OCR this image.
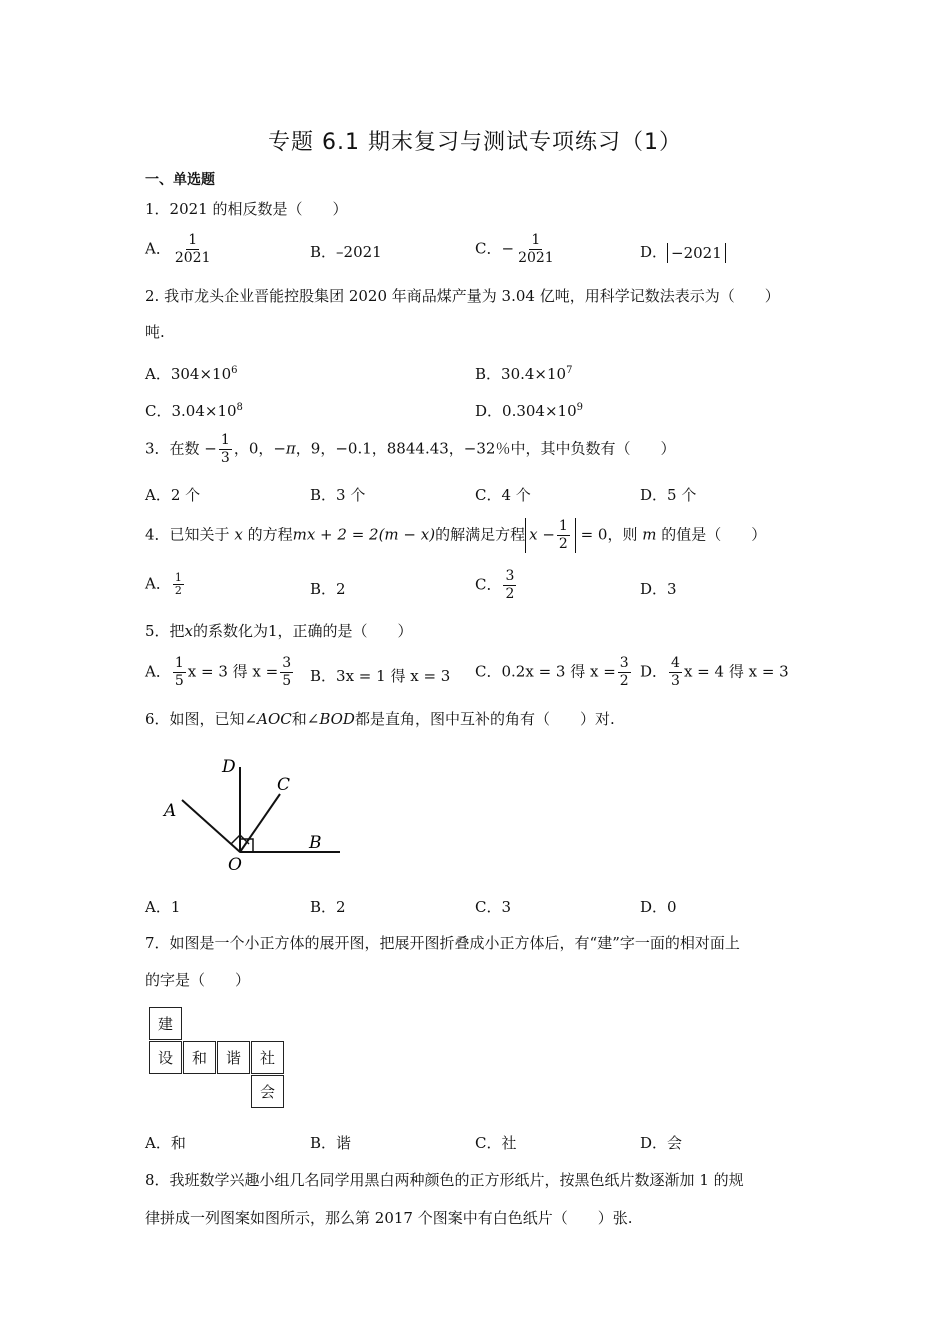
专题 6.1 期末复习与测试专项练习（1）
一、单选题
1．2021 的相反数是（　　）
A． $\frac{1}{2021}$	B．–2021	C．− $\frac{1}{2021}$	D． −2021
2. 我市龙头企业晋能控股集团 2020 年商品煤产量为 3.04 亿吨，用科学记数法表示为（　　）
吨.
A．$304\times 10^6$	B．$30.4\times 10^7$
C．$3.04\times 10^8$	D．$0.304\times 10^9$
3．在数 − $\frac{1}{3}$ ，0，−π，9，−0.1，8844.43，−32％中，其中负数有（　　）
A．2 个	B．3 个	C．4 个	D．5 个
4．已知关于 x 的方程mx + 2 = 2(m − x)的解满足方程 $x - \frac{1}{2} = 0$，则 m 的值是（　　）
A． $\frac{1}{2}$	B．2	C． $\frac{3}{2}$	D．3
5．把x的系数化为1，正确的是（　　）
A． $\frac{1}{5}$ x = 3 得 $x = \frac{3}{5}$ B．3x = 1 得 x = 3 C．0.2x = 3 得 $x = \frac{3}{2}$ D． $\frac{4}{3}$ x = 4 得 x = 3
6．如图，已知∠AOC和∠BOD都是直角，图中互补的角有（　　）对.
D
C
A
B
O
A．1	B．2	C．3	D．0
7．如图是一个小正方体的展开图，把展开图折叠成小正方体后，有“建”字一面的相对面上
的字是（　　）
建
设	和	谐	社
会
A．和	B．谐	C．社	D．会
8．我班数学兴趣小组几名同学用黑白两种颜色的正方形纸片，按黑色纸片数逐渐加 1 的规
律拼成一列图案如图所示，那么第 2017 个图案中有白色纸片（　　）张.
